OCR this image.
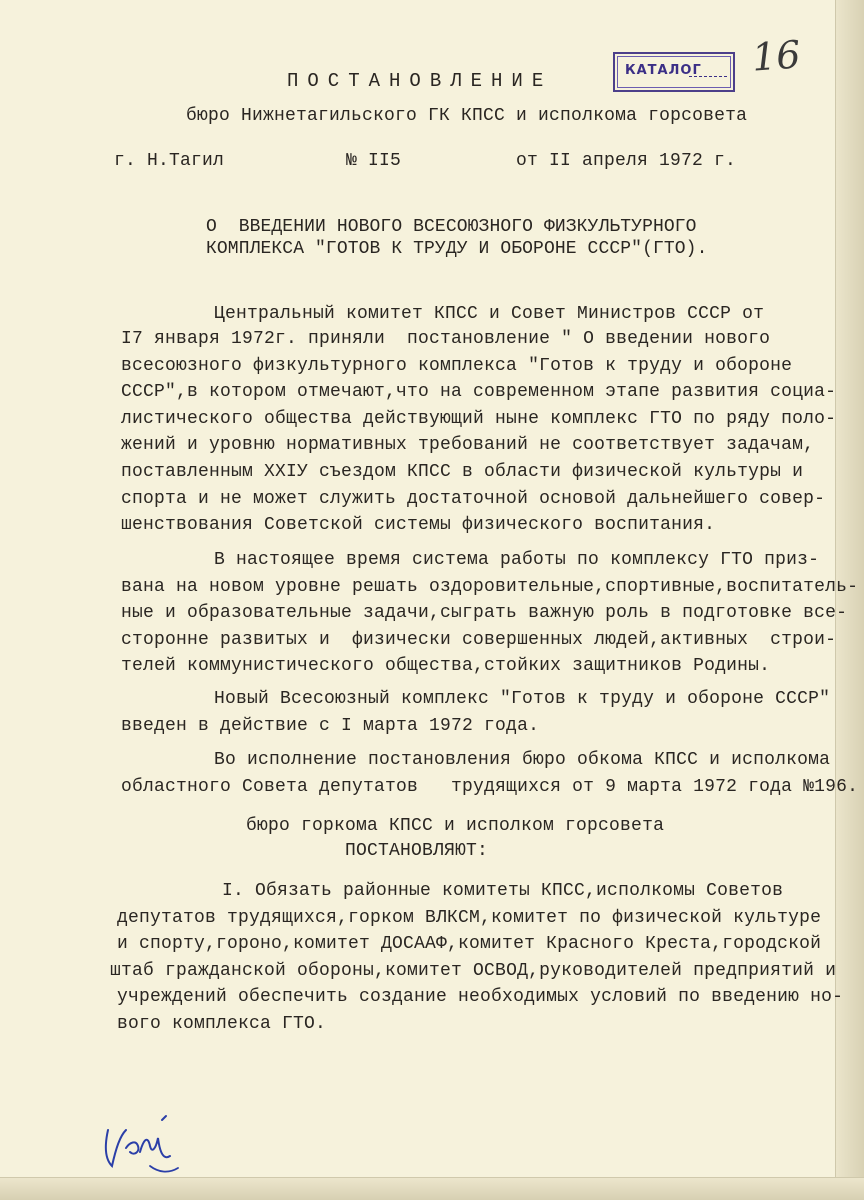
16
КАТАЛОГ
ПОСТАНОВЛЕНИЕ
бюро Нижнетагильского ГК КПСС и исполкома горсовета
г. Н.Тагил	№ II5	от II апреля 1972 г.
О  ВВЕДЕНИИ НОВОГО ВСЕСОЮЗНОГО ФИЗКУЛЬТУРНОГО
КОМПЛЕКСА "ГОТОВ К ТРУДУ И ОБОРОНЕ СССР"(ГТО).
Центральный комитет КПСС и Совет Министров СССР от
I7 января 1972г. приняли  постановление " О введении нового
всесоюзного физкультурного комплекса "Готов к труду и обороне
СССР",в котором отмечают,что на современном этапе развития социа-
листического общества действующий ныне комплекс ГТО по ряду поло-
жений и уровню нормативных требований не соответствует задачам,
поставленным XXIУ съездом КПСС в области физической культуры и
спорта и не может служить достаточной основой дальнейшего совер-
шенствования Советской системы физического воспитания.
В настоящее время система работы по комплексу ГТО приз-
вана на новом уровне решать оздоровительные,спортивные,воспитатель-
ные и образовательные задачи,сыграть важную роль в подготовке все-
сторонне развитых и  физически совершенных людей,активных  строи-
телей коммунистического общества,стойких защитников Родины.
Новый Всесоюзный комплекс "Готов к труду и обороне СССР"
введен в действие с I марта 1972 года.
Во исполнение постановления бюро обкома КПСС и исполкома
областного Совета депутатов   трудящихся от 9 марта 1972 года №196.
бюро горкома КПСС и исполком горсовета
ПОСТАНОВЛЯЮТ:
I. Обязать районные комитеты КПСС,исполкомы Советов
депутатов трудящихся,горком ВЛКСМ,комитет по физической культуре
и спорту,гороно,комитет ДОСААФ,комитет Красного Креста,городской
штаб гражданской обороны,комитет ОСВОД,руководителей предприятий и
учреждений обеспечить создание необходимых условий по введению но-
вого комплекса ГТО.
